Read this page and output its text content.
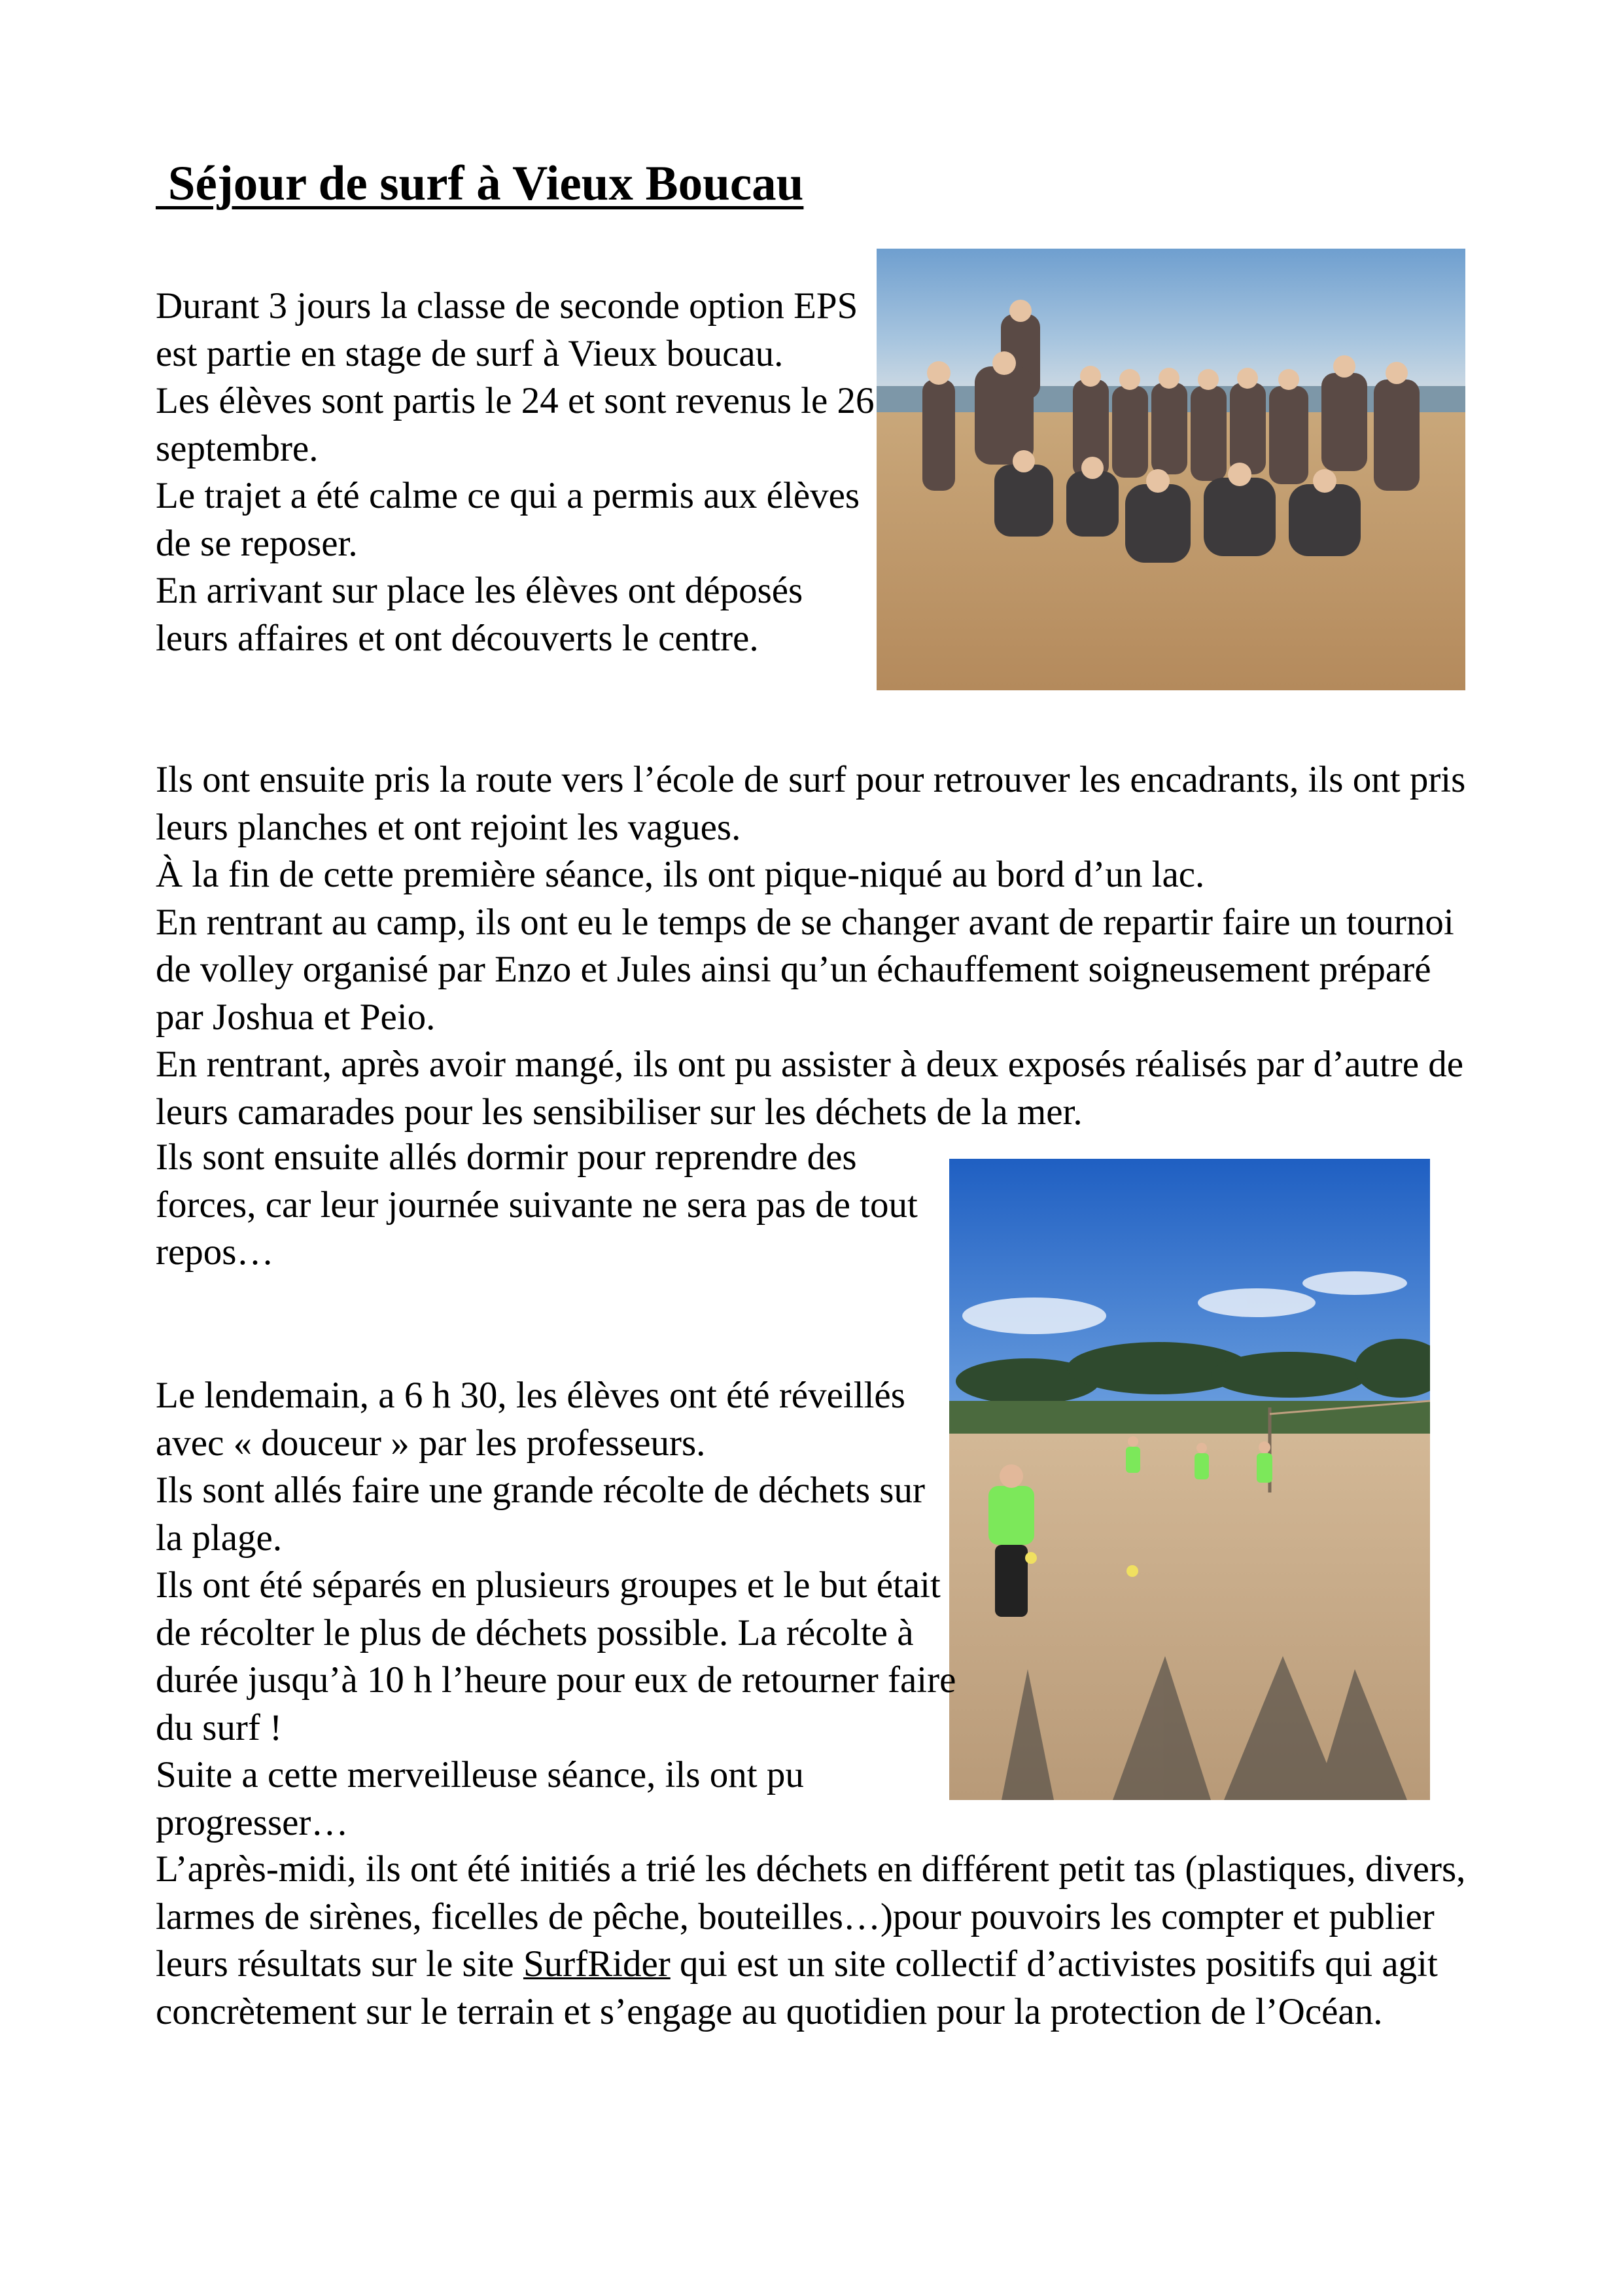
Séjour de surf à Vieux Boucau

Durant 3 jours la classe de seconde option EPS est partie en stage de surf à Vieux boucau.

Les élèves sont partis le 24 et sont revenus le 26 septembre.

Le trajet a été calme ce qui a permis aux élèves de se reposer.

En arrivant sur place les élèves ont déposés leurs affaires et ont découverts le centre.

Ils ont ensuite pris la route vers l’école de surf pour retrouver les encadrants, ils ont pris leurs planches et ont rejoint les vagues.

À la fin de cette première séance, ils ont pique-niqué au bord d’un lac.

En rentrant au camp, ils ont eu le temps de se changer avant de repartir faire un tournoi de volley organisé par Enzo et Jules ainsi qu’un échauffement soigneusement préparé par Joshua et Peio.

En rentrant, après avoir mangé, ils ont pu assister à deux exposés réalisés par d’autre de leurs camarades pour les sensibiliser sur les déchets de la mer.

Ils sont ensuite allés dormir pour reprendre des forces, car leur journée suivante ne sera pas de tout repos…

Le lendemain, a 6 h 30, les élèves ont été réveillés avec « douceur » par les professeurs.

Ils sont allés faire une grande récolte de déchets sur la plage.

Ils ont été séparés en plusieurs groupes et le but était de récolter le plus de déchets possible. La récolte à durée jusqu’à 10 h l’heure pour eux de retourner faire du surf !

Suite a cette merveilleuse séance, ils ont pu progresser…

L’après-midi, ils ont été initiés a trié les déchets en différent petit tas (plastiques, divers, larmes de sirènes, ficelles de pêche, bouteilles…)pour pouvoirs les compter et publier leurs résultats sur le site SurfRider qui est un site collectif d’activistes positifs qui agit concrètement sur le terrain et s’engage au quotidien pour la protection de l’Océan.
